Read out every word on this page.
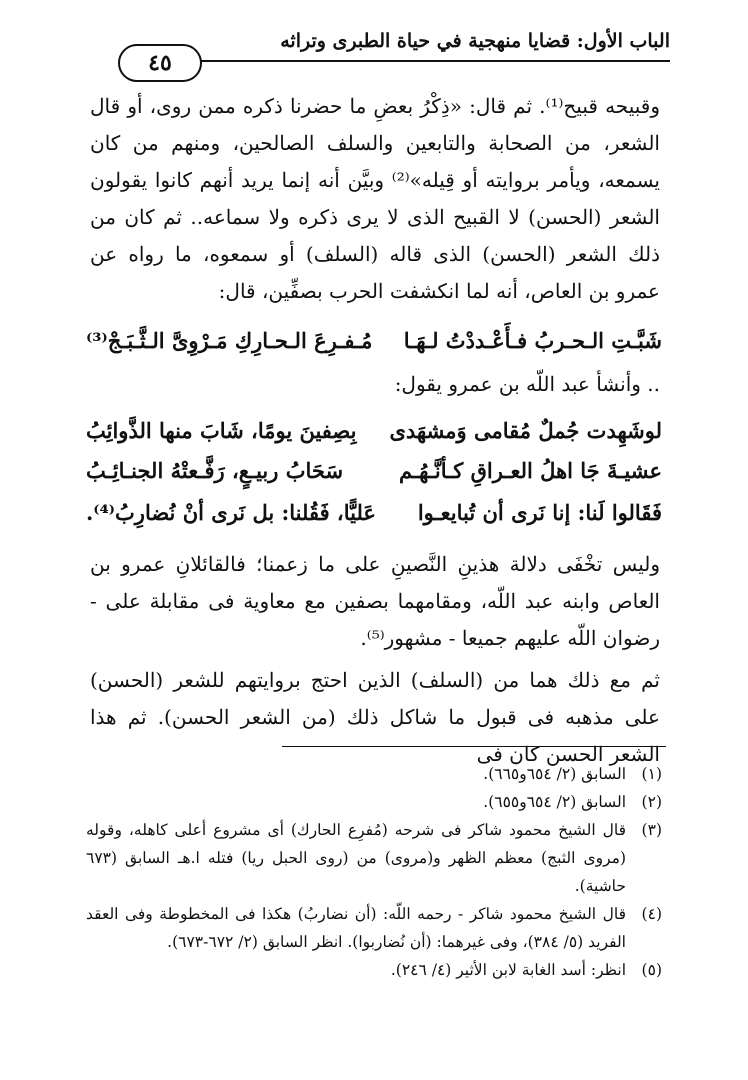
الباب الأول: قضايا منهجية في حياة الطبرى وتراثه
٤٥

وقبيحه قبيح⁽¹⁾. ثم قال: «ذِكْرُ بعضِ ما حضرنا ذكره ممن روى، أو قال الشعر، من الصحابة والتابعين والسلف الصالحين، ومنهم من كان يسمعه، ويأمر بروايته أو قِيله»⁽²⁾ وبيَّن أنه إنما يريد أنهم كانوا يقولون الشعر (الحسن) لا القبيح الذى لا يرى ذكره ولا سماعه.. ثم كان من ذلك الشعر (الحسن) الذى قاله (السلف) أو سمعوه، ما رواه عن عمرو بن العاص، أنه لما انكشفت الحرب بصفِّين، قال:

شَبَّـتِ الـحـربُ فـأَعْـددْتُ لـهَـا
مُـفـرِعَ الـحـارِكِ مَـرْوِىَّ الـثَّـبَـجْ⁽³⁾
.. وأنشأ عبد اللّه بن عمرو يقول:
لوشَهِدت جُملٌ مُقامى وَمشهَدى
بِصِفينَ يومًا، شَابَ منها الذَّوائِبُ
عشيـةَ جَا اهلُ العـراقِ كـأنَّـهُـم
سَحَابُ ربيـعٍ، رَفَّـعتْهُ الجنـائِـبُ
فَقَالوا لَنا: إنا نَرى أن تُبايعـوا
عَليًّا، فَقُلنا: بل نَرى أنْ نُضارِبُ⁽⁴⁾.

وليس تخْفَى دلالة هذينِ النَّصينِ على ما زعمنا؛ فالقائلانِ عمرو بن العاص وابنه عبد اللّه، ومقامهما بصفين مع معاوية فى مقابلة على - رضوان اللّه عليهم جميعا - مشهور⁽⁵⁾.

ثم مع ذلك هما من (السلف) الذين احتج بروايتهم للشعر (الحسن) على مذهبه فى قبول ما شاكل ذلك (من الشعر الحسن). ثم هذا الشعر الحسن كان فى

(١)
السابق (٢/ ٦٥٤و٦٦٥).
(٢)
السابق (٢/ ٦٥٤و٦٥٥).
(٣)
قال الشيخ محمود شاكر فى شرحه (مُفرِع الحارك) أى مشروع أعلى كاهله، وقوله (مروى الثبج) معظم الظهر و(مروى) من (روى الحبل ريا) فتله ا.هـ السابق (٦٧٣ حاشية).
(٤)
قال الشيخ محمود شاكر - رحمه اللّه: (أن نضاربُ) هكذا فى المخطوطة وفى العقد الفريد (٥/ ٣٨٤)، وفى غيرهما: (أن نُضاربوا). انظر السابق (٢/ ٦٧٢-٦٧٣).
(٥)
انظر: أسد الغابة لابن الأثير (٤/ ٢٤٦).
